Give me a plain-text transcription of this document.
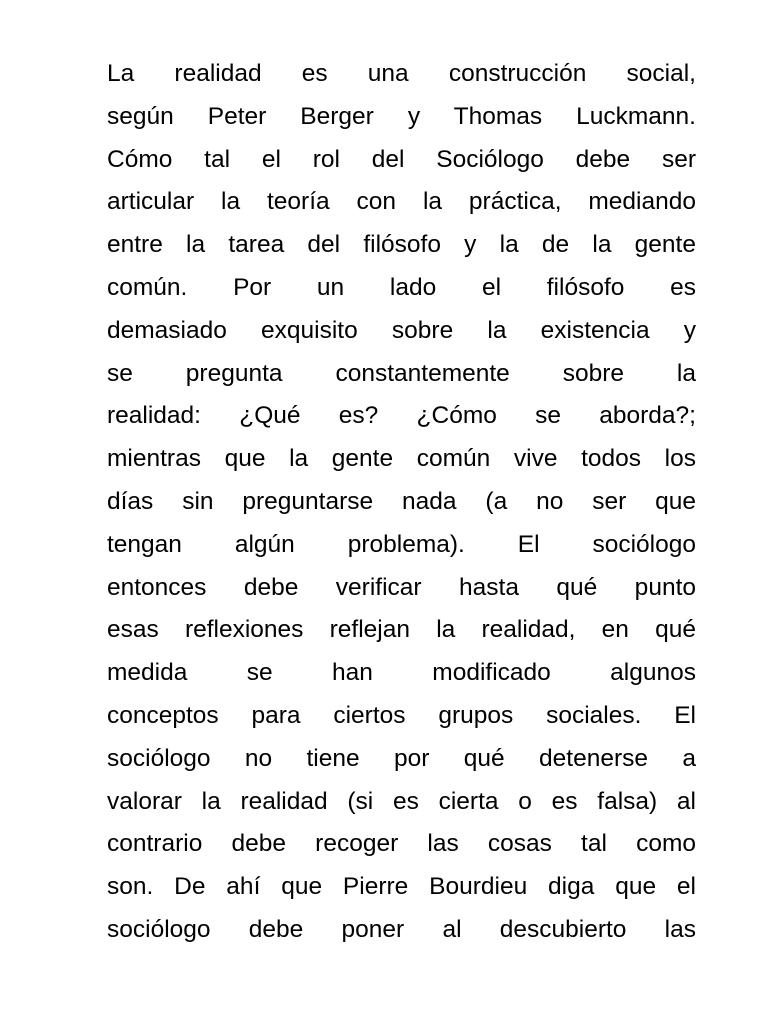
La realidad es una construcción social,
según Peter Berger y Thomas Luckmann.
Cómo tal el rol del Sociólogo debe ser
articular la teoría con la práctica, mediando
entre la tarea del filósofo y la de la gente
común. Por un lado el filósofo es
demasiado exquisito sobre la existencia y
se pregunta constantemente sobre la
realidad: ¿Qué es? ¿Cómo se aborda?;
mientras que la gente común vive todos los
días sin preguntarse nada (a no ser que
tengan algún problema). El sociólogo
entonces debe verificar hasta qué punto
esas reflexiones reflejan la realidad, en qué
medida se han modificado algunos
conceptos para ciertos grupos sociales. El
sociólogo no tiene por qué detenerse a
valorar la realidad (si es cierta o es falsa) al
contrario debe recoger las cosas tal como
son. De ahí que Pierre Bourdieu diga que el
sociólogo debe poner al descubierto las
